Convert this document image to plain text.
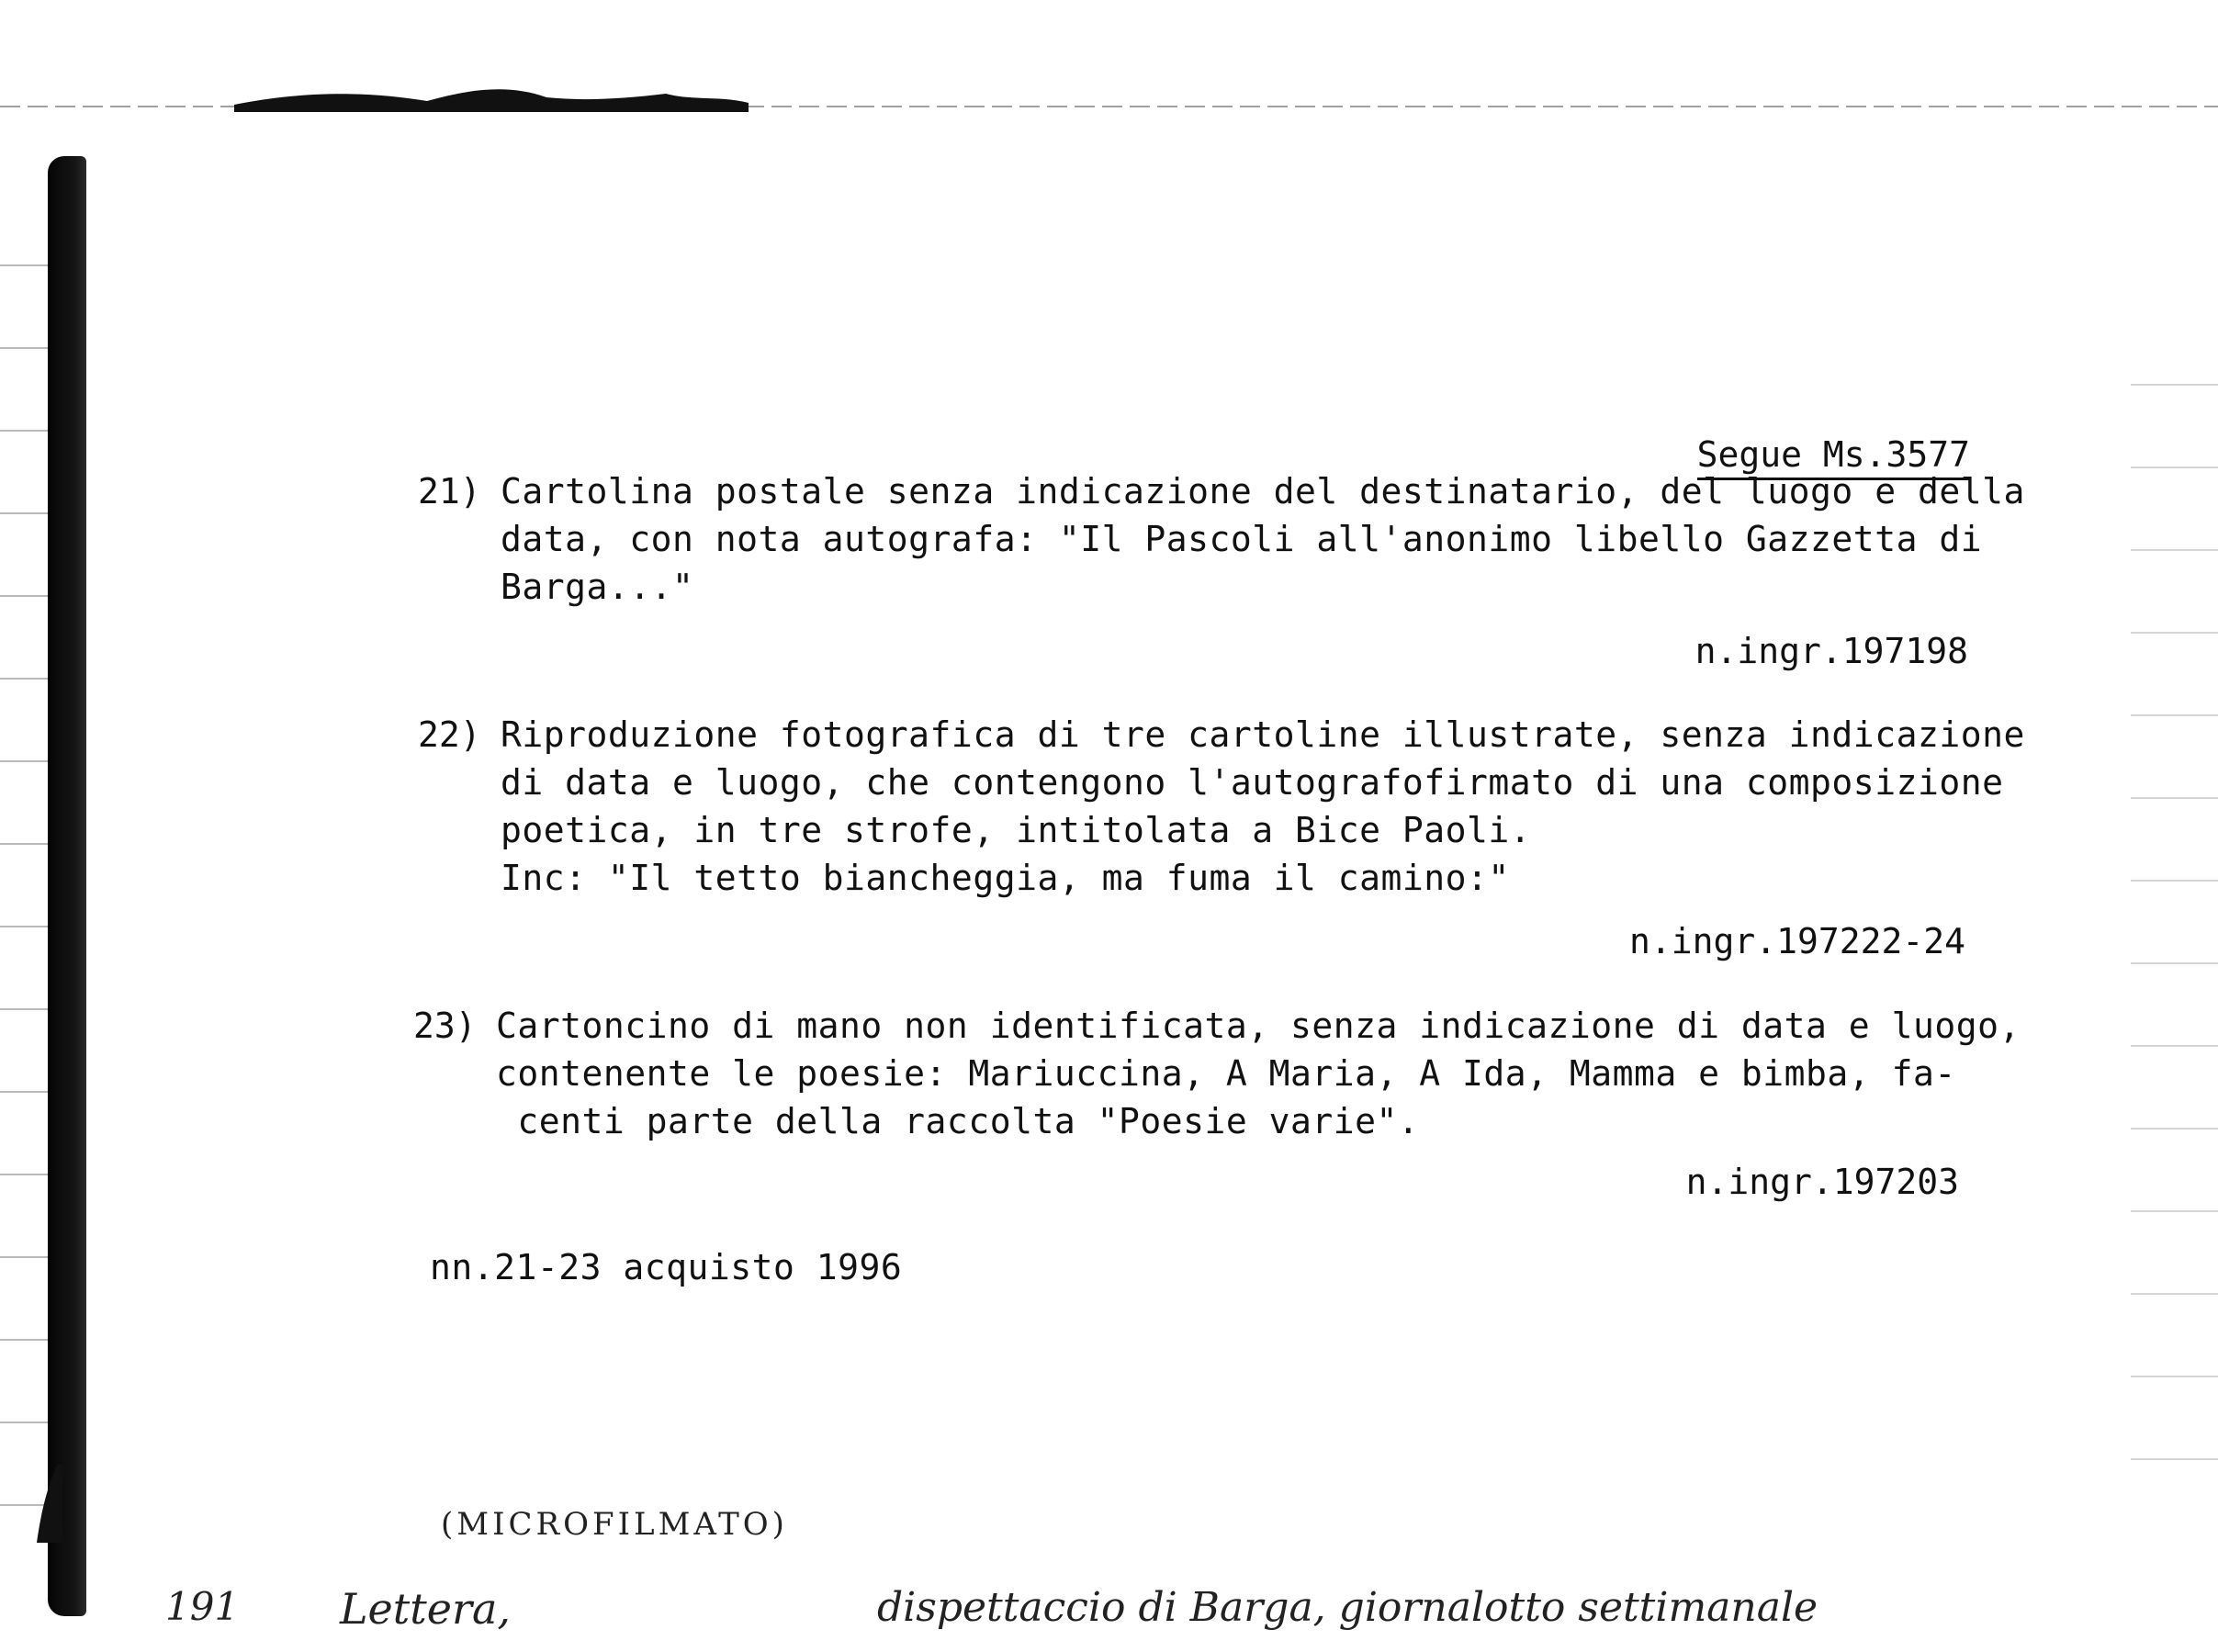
Segue Ms.3577
21) Cartolina postale senza indicazione del destinatario, del luogo e della
data, con nota autografa: "Il Pascoli all'anonimo libello Gazzetta di
Barga..."
n.ingr.197198
22) Riproduzione fotografica di tre cartoline illustrate, senza indicazione
di data e luogo, che contengono l'autografofirmato di una composizione
poetica, in tre strofe, intitolata a Bice Paoli.
Inc: "Il tetto biancheggia, ma fuma il camino:"
n.ingr.197222-24
23) Cartoncino di mano non identificata, senza indicazione di data e luogo,
contenente le poesie: Mariuccina, A Maria, A Ida, Mamma e bimba, fa-
centi parte della raccolta "Poesie varie".
n.ingr.197203
nn.21-23 acquisto 1996
(MICROFILMATO)
191 Lettera,	dispettaccio di Barga, giornalotto settimanale
